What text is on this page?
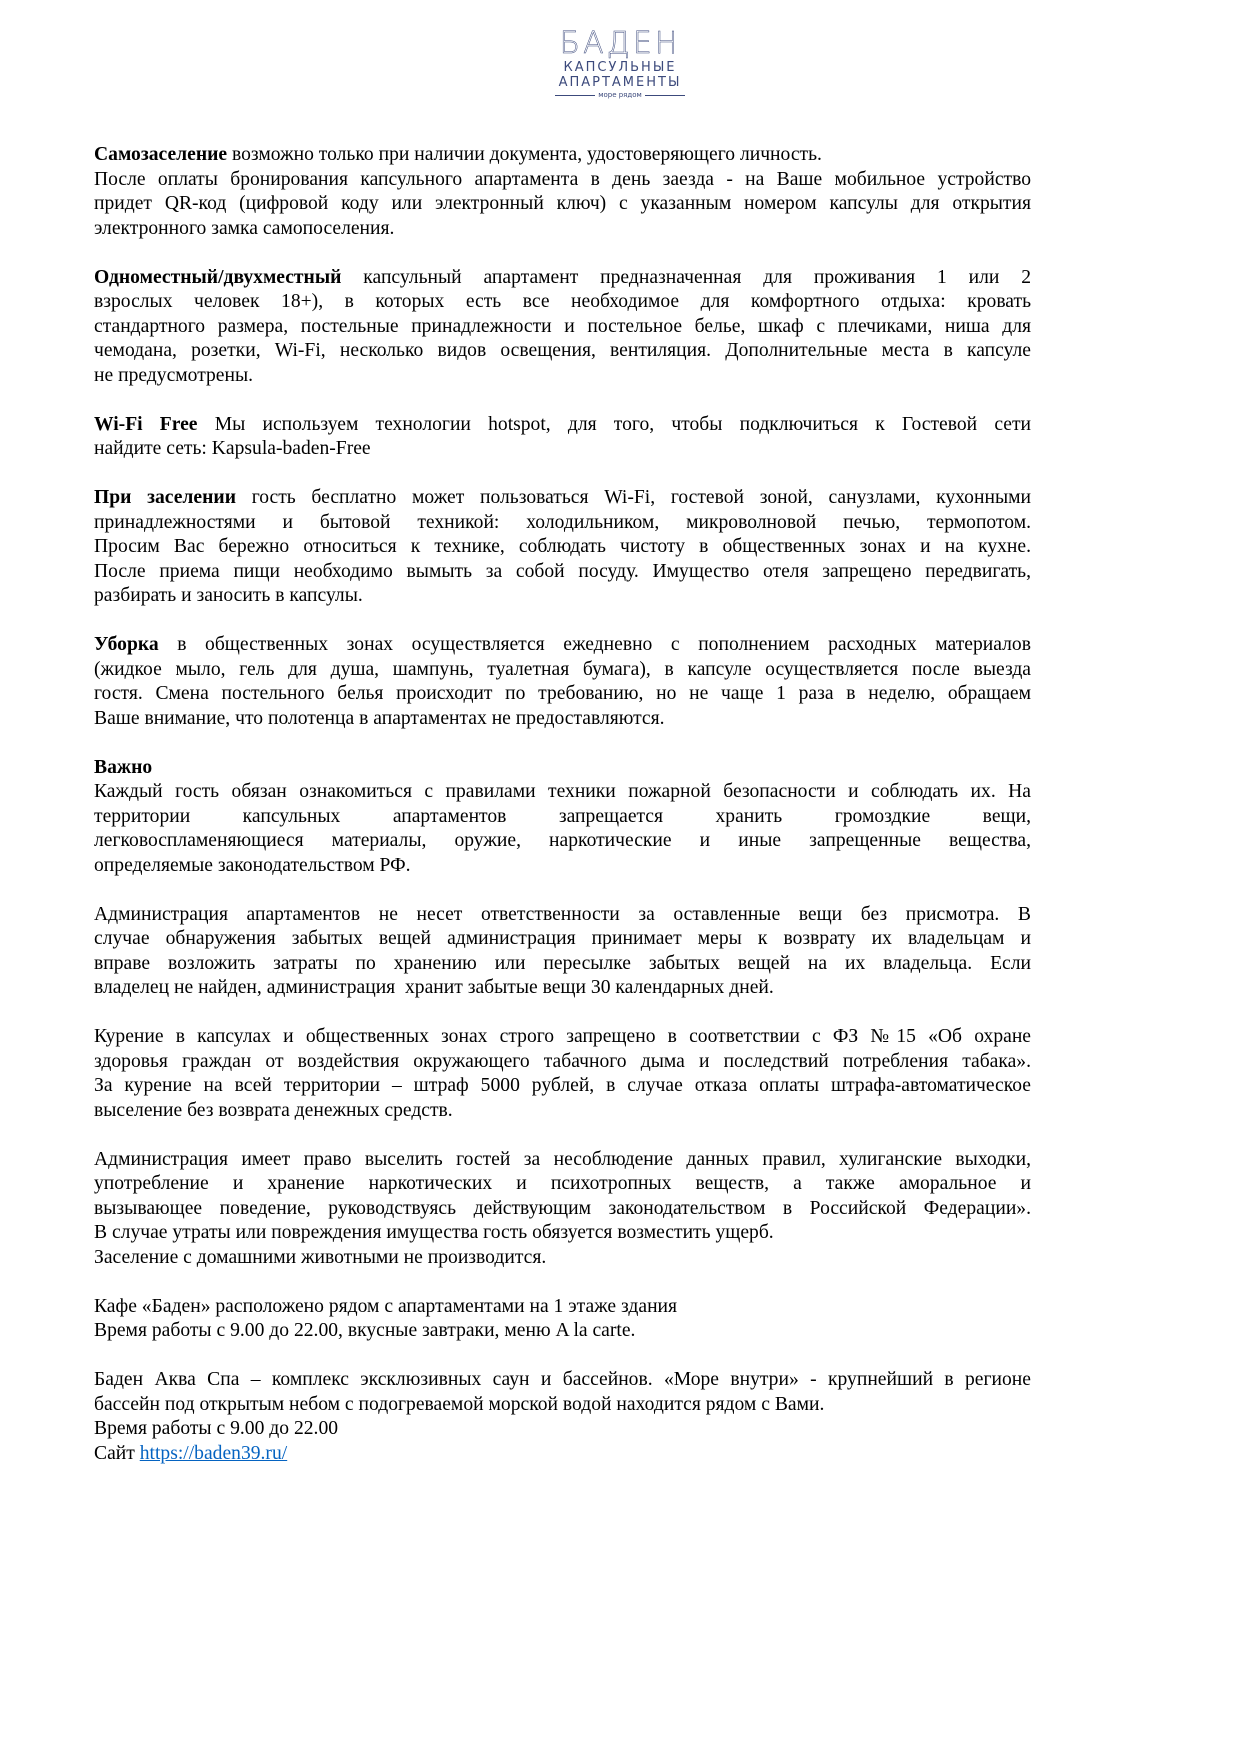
БАДЕН
КАПСУЛЬНЫЕ
АПАРТАМЕНТЫ
море рядом
Самозаселение возможно только при наличии документа, удостоверяющего личность.
После оплаты бронирования капсульного апартамента в день заезда - на Ваше мобильное устройство
придет QR-код (цифровой коду или электронный ключ) с указанным номером капсулы для открытия
электронного замка самопоселения.
Одноместный/двухместный капсульный апартамент предназначенная для проживания 1 или 2
взрослых человек 18+), в которых есть все необходимое для комфортного отдыха: кровать
стандартного размера, постельные принадлежности и постельное белье, шкаф с плечиками, ниша для
чемодана, розетки, Wi-Fi, несколько видов освещения, вентиляция. Дополнительные места в капсуле
не предусмотрены.
Wi-Fi Free Мы используем технологии hotspot, для того, чтобы подключиться к Гостевой сети
найдите сеть: Kapsula-baden-Free
При заселении гость бесплатно может пользоваться Wi-Fi, гостевой зоной, санузлами, кухонными
принадлежностями и бытовой техникой: холодильником, микроволновой печью, термопотом.
Просим Вас бережно относиться к технике, соблюдать чистоту в общественных зонах и на кухне.
После приема пищи необходимо вымыть за собой посуду. Имущество отеля запрещено передвигать,
разбирать и заносить в капсулы.
Уборка в общественных зонах осуществляется ежедневно с пополнением расходных материалов
(жидкое мыло, гель для душа, шампунь, туалетная бумага), в капсуле осуществляется после выезда
гостя. Смена постельного белья происходит по требованию, но не чаще 1 раза в неделю, обращаем
Ваше внимание, что полотенца в апартаментах не предоставляются.
Важно
Каждый гость обязан ознакомиться с правилами техники пожарной безопасности и соблюдать их. На
территории капсульных апартаментов запрещается хранить громоздкие вещи,
легковоспламеняющиеся материалы, оружие, наркотические и иные запрещенные вещества,
определяемые законодательством РФ.
Администрация апартаментов не несет ответственности за оставленные вещи без присмотра. В
случае обнаружения забытых вещей администрация принимает меры к возврату их владельцам и
вправе возложить затраты по хранению или пересылке забытых вещей на их владельца. Если
владелец не найден, администрация  хранит забытые вещи 30 календарных дней.
Курение в капсулах и общественных зонах строго запрещено в соответствии с ФЗ №15 «Об охране
здоровья граждан от воздействия окружающего табачного дыма и последствий потребления табака».
За курение на всей территории – штраф 5000 рублей, в случае отказа оплаты штрафа-автоматическое
выселение без возврата денежных средств.
Администрация имеет право выселить гостей за несоблюдение данных правил, хулиганские выходки,
употребление и хранение наркотических и психотропных веществ, а также аморальное и
вызывающее поведение, руководствуясь действующим законодательством в Российской Федерации».
В случае утраты или повреждения имущества гость обязуется возместить ущерб.
Заселение с домашними животными не производится.
Кафе «Баден» расположено рядом с апартаментами на 1 этаже здания
Время работы с 9.00 до 22.00, вкусные завтраки, меню A la carte.
Баден Аква Спа – комплекс эксклюзивных саун и бассейнов. «Море внутри» - крупнейший в регионе
бассейн под открытым небом с подогреваемой морской водой находится рядом с Вами.
Время работы с 9.00 до 22.00
Сайт https://baden39.ru/
